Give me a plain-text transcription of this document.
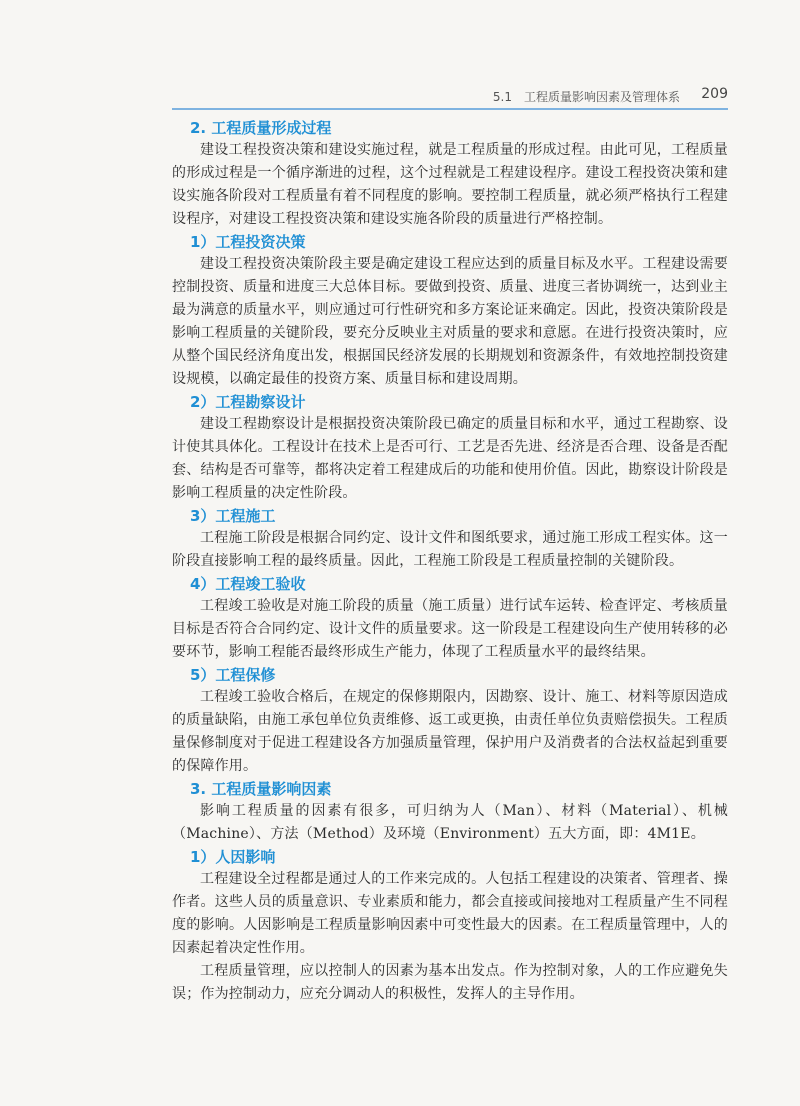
5.1　工程质量影响因素及管理体系 209
2. 工程质量形成过程

建设工程投资决策和建设实施过程，就是工程质量的形成过程。由此可见，工程质量的形成过程是一个循序渐进的过程，这个过程就是工程建设程序。建设工程投资决策和建设实施各阶段对工程质量有着不同程度的影响。要控制工程质量，就必须严格执行工程建设程序，对建设工程投资决策和建设实施各阶段的质量进行严格控制。

1）工程投资决策

建设工程投资决策阶段主要是确定建设工程应达到的质量目标及水平。工程建设需要控制投资、质量和进度三大总体目标。要做到投资、质量、进度三者协调统一，达到业主最为满意的质量水平，则应通过可行性研究和多方案论证来确定。因此，投资决策阶段是影响工程质量的关键阶段，要充分反映业主对质量的要求和意愿。在进行投资决策时，应从整个国民经济角度出发，根据国民经济发展的长期规划和资源条件，有效地控制投资建设规模，以确定最佳的投资方案、质量目标和建设周期。

2）工程勘察设计

建设工程勘察设计是根据投资决策阶段已确定的质量目标和水平，通过工程勘察、设计使其具体化。工程设计在技术上是否可行、工艺是否先进、经济是否合理、设备是否配套、结构是否可靠等，都将决定着工程建成后的功能和使用价值。因此，勘察设计阶段是影响工程质量的决定性阶段。

3）工程施工

工程施工阶段是根据合同约定、设计文件和图纸要求，通过施工形成工程实体。这一阶段直接影响工程的最终质量。因此，工程施工阶段是工程质量控制的关键阶段。

4）工程竣工验收

工程竣工验收是对施工阶段的质量（施工质量）进行试车运转、检查评定、考核质量目标是否符合合同约定、设计文件的质量要求。这一阶段是工程建设向生产使用转移的必要环节，影响工程能否最终形成生产能力，体现了工程质量水平的最终结果。

5）工程保修

工程竣工验收合格后，在规定的保修期限内，因勘察、设计、施工、材料等原因造成的质量缺陷，由施工承包单位负责维修、返工或更换，由责任单位负责赔偿损失。工程质量保修制度对于促进工程建设各方加强质量管理，保护用户及消费者的合法权益起到重要的保障作用。

3. 工程质量影响因素

影响工程质量的因素有很多，可归纳为人（Man）、材料（Material）、机械（Machine）、方法（Method）及环境（Environment）五大方面，即：4M1E。

1）人因影响

工程建设全过程都是通过人的工作来完成的。人包括工程建设的决策者、管理者、操作者。这些人员的质量意识、专业素质和能力，都会直接或间接地对工程质量产生不同程度的影响。人因影响是工程质量影响因素中可变性最大的因素。在工程质量管理中，人的因素起着决定性作用。

工程质量管理，应以控制人的因素为基本出发点。作为控制对象，人的工作应避免失误；作为控制动力，应充分调动人的积极性，发挥人的主导作用。
